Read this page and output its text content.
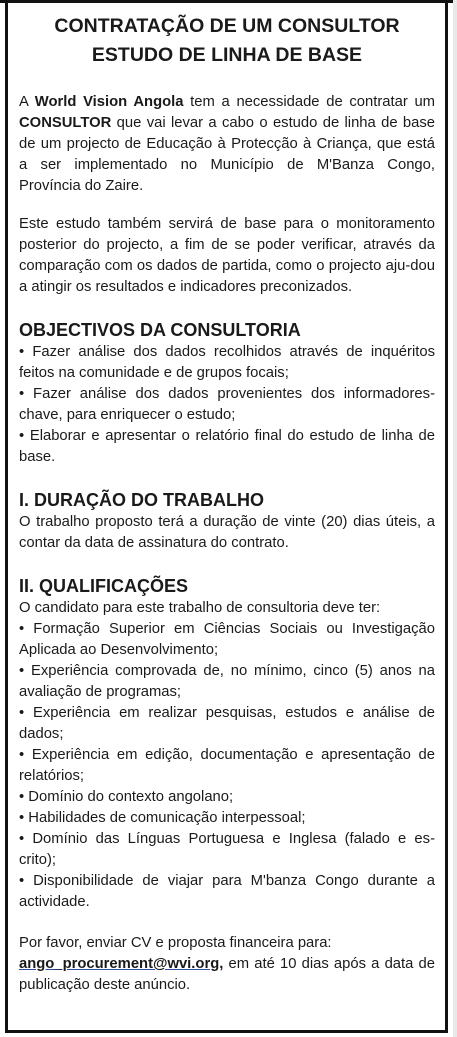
CONTRATAÇÃO DE UM CONSULTOR
ESTUDO DE LINHA DE BASE

A World Vision Angola tem a necessidade de contratar um CONSULTOR que vai levar a cabo o estudo de linha de base de um projecto de Educação à Protecção à Criança, que está a ser implementado no Município de M'Banza Congo, Província do Zaire.

Este estudo também servirá de base para o monitoramento posterior do projecto, a fim de se poder verificar, através da comparação com os dados de partida, como o projecto aju-dou a atingir os resultados e indicadores preconizados.

OBJECTIVOS DA CONSULTORIA

• Fazer análise dos dados recolhidos através de inquéritos feitos na comunidade e de grupos focais;

• Fazer análise dos dados provenientes dos informadores-chave, para enriquecer o estudo;

• Elaborar e apresentar o relatório final do estudo de linha de base.

I. DURAÇÃO DO TRABALHO

O trabalho proposto terá a duração de vinte (20) dias úteis, a contar da data de assinatura do contrato.

II. QUALIFICAÇÕES

O candidato para este trabalho de consultoria deve ter:

• Formação Superior em Ciências Sociais ou Investigação Aplicada ao Desenvolvimento;

• Experiência comprovada de, no mínimo, cinco (5) anos na avaliação de programas;

• Experiência em realizar pesquisas, estudos e análise de dados;

• Experiência em edição, documentação e apresentação de relatórios;

• Domínio do contexto angolano;

• Habilidades de comunicação interpessoal;

• Domínio das Línguas Portuguesa e Inglesa (falado e es-crito);

• Disponibilidade de viajar para M'banza Congo durante a actividade.

Por favor, enviar CV e proposta financeira para:

ango_procurement@wvi.org, em até 10 dias após a data de publicação deste anúncio.
